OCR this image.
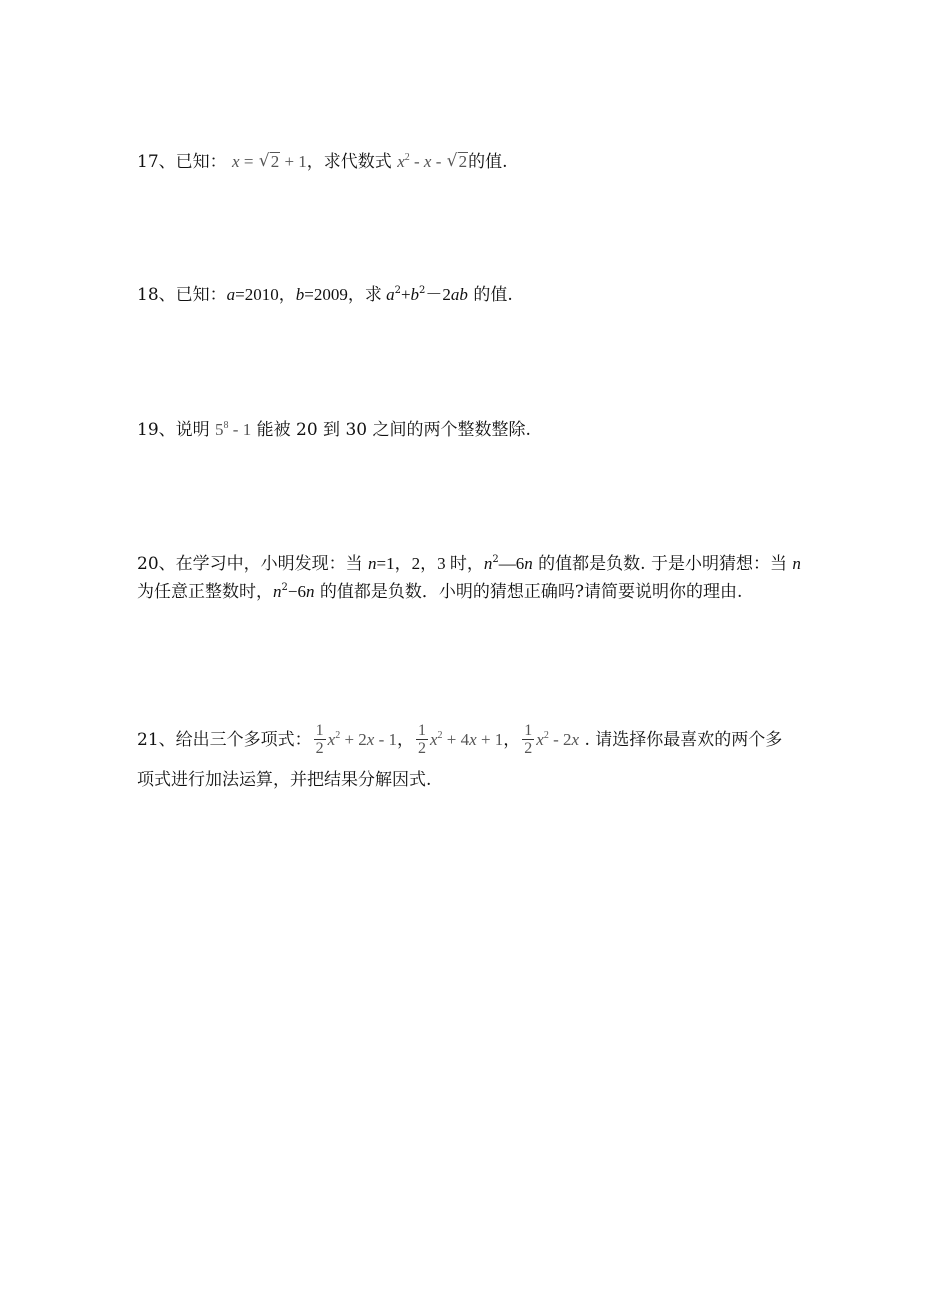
17、已知： x = √ 2 + 1，求代数式 $x^2$ - x - √ 2的值.
18、已知：a=2010，b=2009，求 $a^2+b^2-2ab$ 的值.
19、说明 $5^8 - 1$ 能被 20 到 30 之间的两个整数整除.
20、在学习中，小明发现：当 n=1，2，3 时，$n^2—6n$ 的值都是负数. 于是小明猜想：当 n
为任意正整数时，$n^2-6n$ 的值都是负数．小明的猜想正确吗?请简要说明你的理由.
21、给出三个多项式： $\frac{1}{2} x^2 + 2x - 1$， $\frac{1}{2} x^2 + 4x + 1$， $\frac{1}{2} x^2 - 2x$ . 请选择你最喜欢的两个多
项式进行加法运算，并把结果分解因式.
